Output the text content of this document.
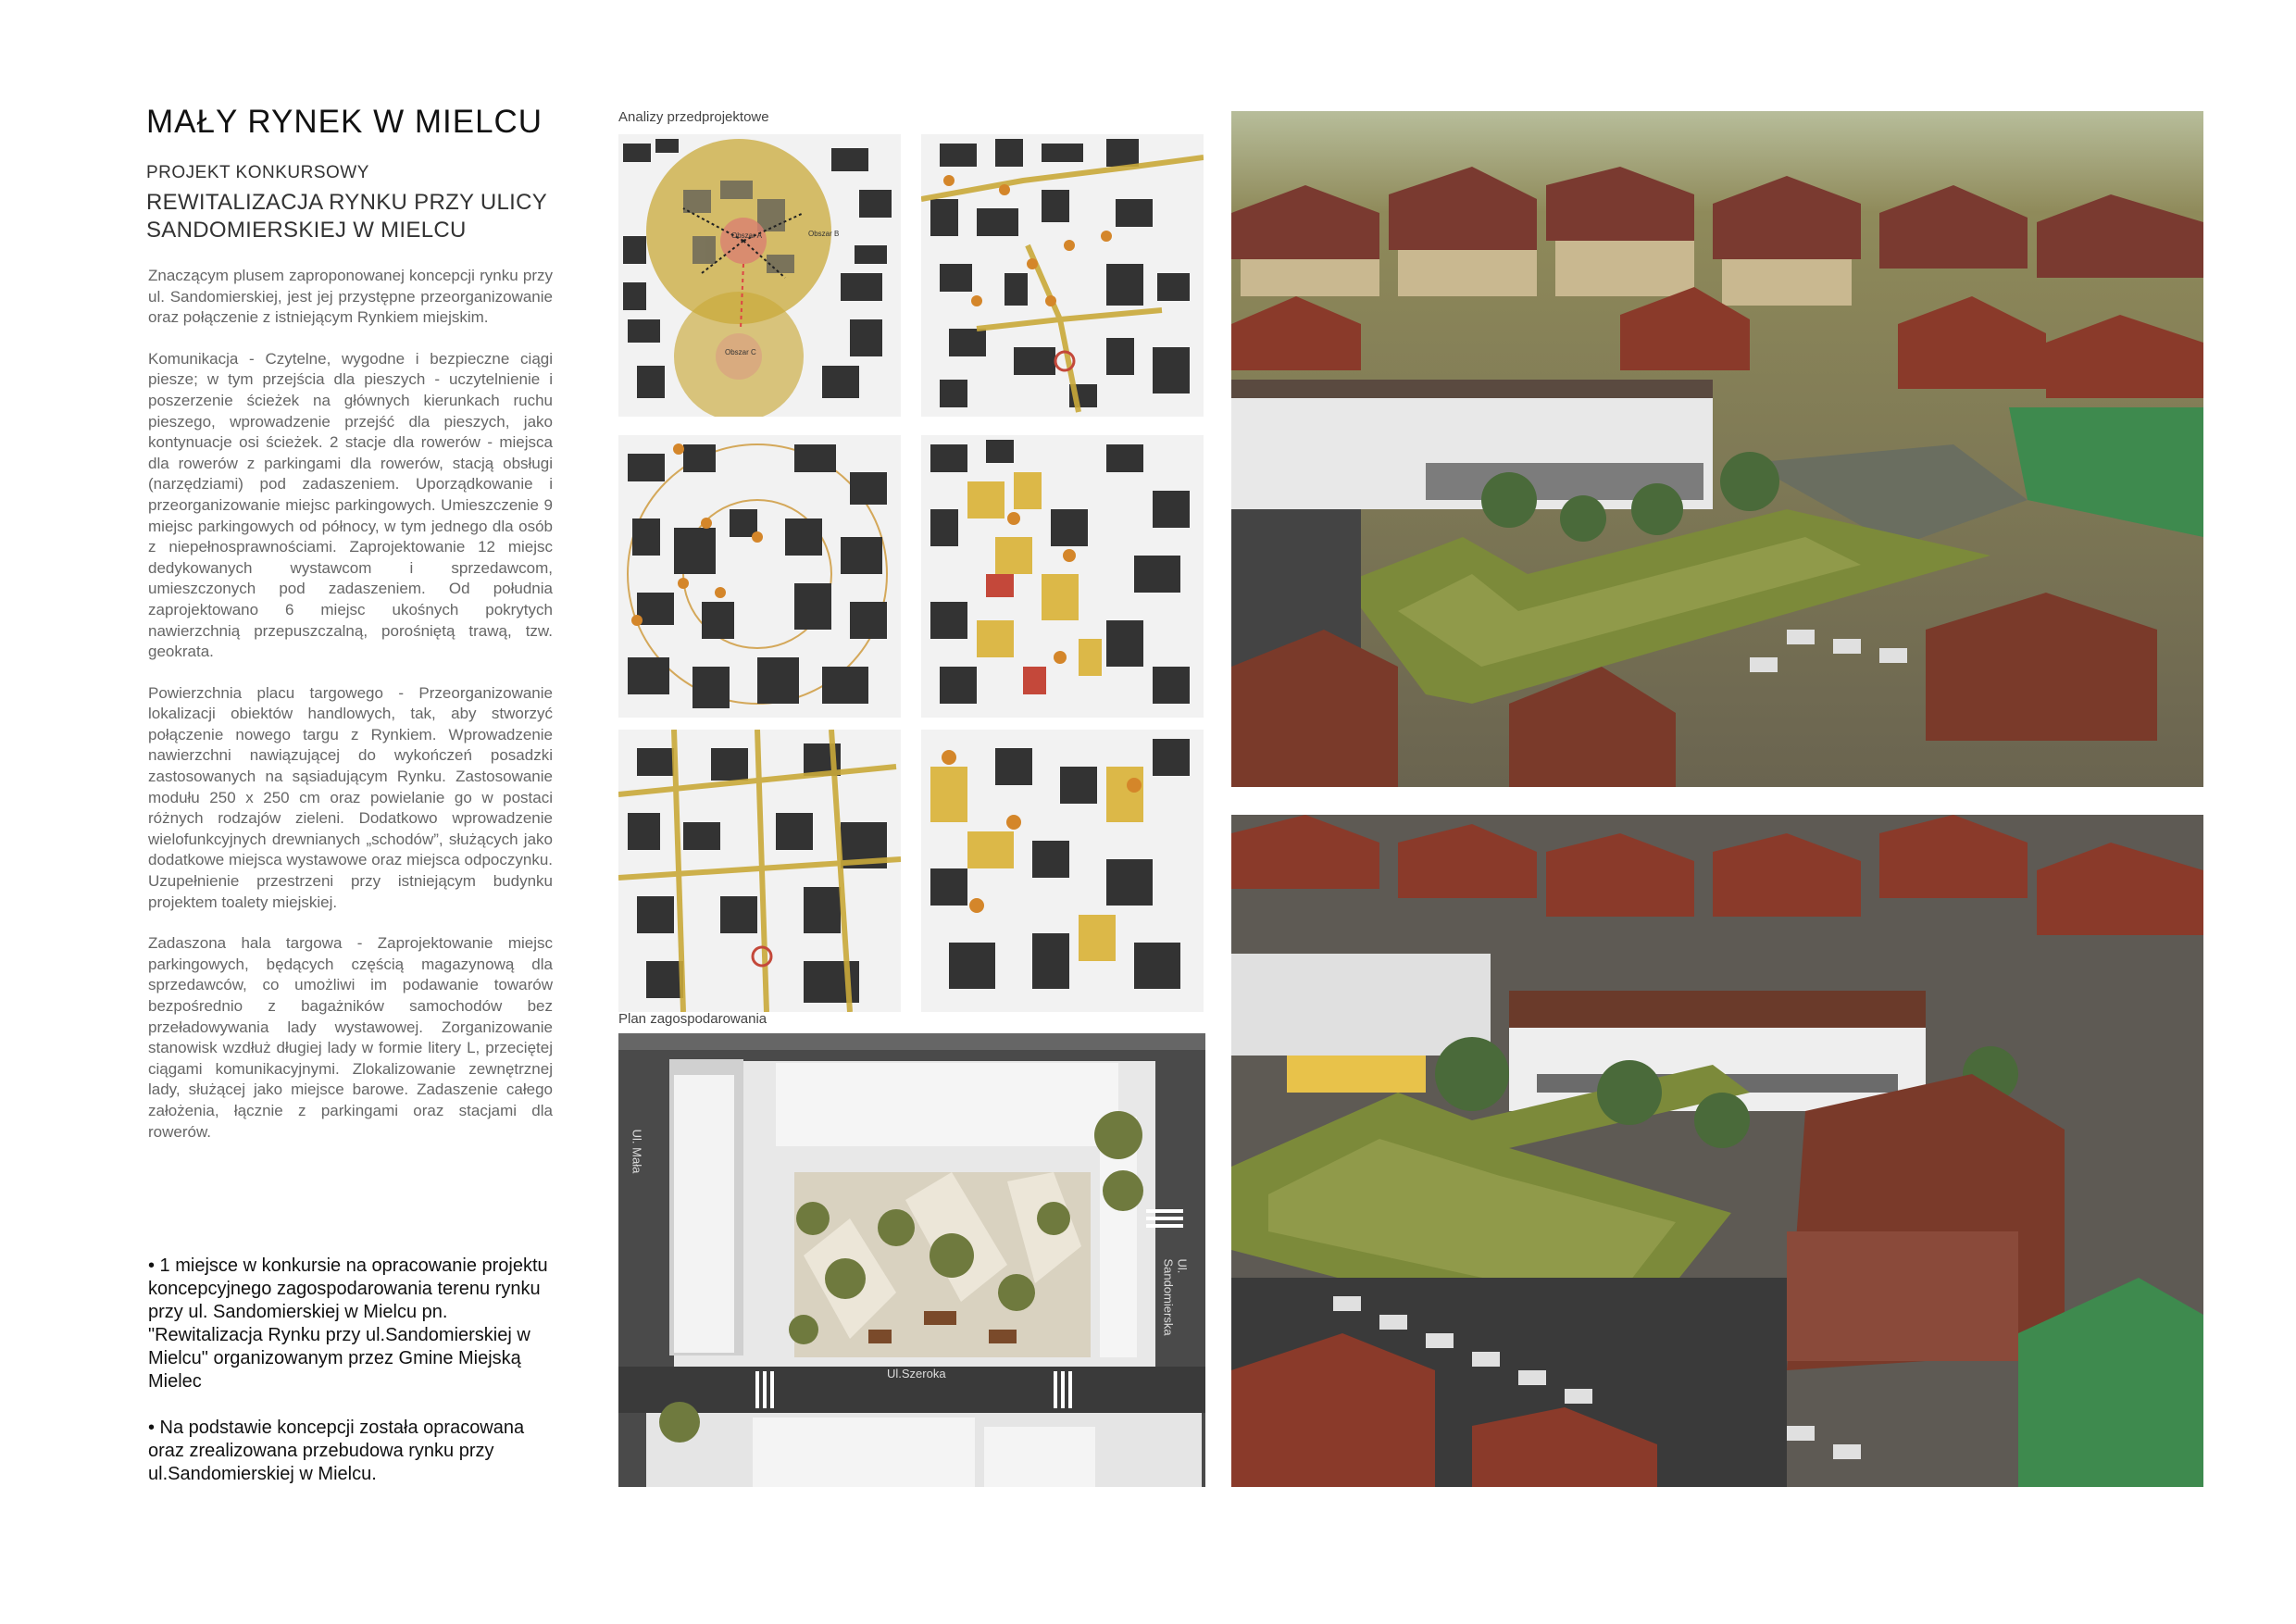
MAŁY RYNEK W MIELCU
PROJEKT KONKURSOWY
REWITALIZACJA RYNKU PRZY ULICY SANDOMIERSKIEJ W MIELCU

Znaczącym plusem zaproponowanej koncepcji rynku przy ul. Sandomierskiej, jest jej przystępne przeorganizowanie oraz połączenie z istniejącym Rynkiem miejskim.

Komunikacja - Czytelne, wygodne i bezpieczne ciągi piesze; w tym przejścia dla pieszych - uczytelnienie i poszerzenie ścieżek na głównych kierunkach ruchu pieszego, wprowadzenie przejść dla pieszych, jako kontynuacje osi ścieżek. 2 stacje dla rowerów - miejsca dla rowerów z parkingami dla rowerów, stacją obsługi (narzędziami) pod zadaszeniem. Uporządkowanie i przeorganizowanie miejsc parkingowych. Umieszczenie 9 miejsc parkingowych od północy, w tym jednego dla osób z niepełnosprawnościami. Zaprojektowanie 12 miejsc dedykowanych wystawcom i sprzedawcom, umieszczonych pod zadaszeniem. Od południa zaprojektowano 6 miejsc ukośnych pokrytych nawierzchnią przepuszczalną, porośniętą trawą, tzw. geokrata.

Powierzchnia placu targowego - Przeorganizowanie lokalizacji obiektów handlowych, tak, aby stworzyć połączenie nowego targu z Rynkiem. Wprowadzenie nawierzchni nawiązującej do wykończeń posadzki zastosowanych na sąsiadującym Rynku. Zastosowanie modułu 250 x 250 cm oraz powielanie go w postaci różnych rodzajów zieleni. Dodatkowo wprowadzenie wielofunkcyjnych drewnianych „schodów”, służących jako dodatkowe miejsca wystawowe oraz miejsca odpoczynku. Uzupełnienie przestrzeni przy istniejącym budynku projektem toalety miejskiej.

Zadaszona hala targowa - Zaprojektowanie miejsc parkingowych, będących częścią magazynową dla sprzedawców, co umożliwi im podawanie towarów bezpośrednio z bagażników samochodów bez przeładowywania lady wystawowej. Zorganizowanie stanowisk wzdłuż długiej lady w formie litery L, przeciętej ciągami komunikacyjnymi. Zlokalizowanie zewnętrznej lady, służącej jako miejsce barowe. Zadaszenie całego założenia, łącznie z parkingami oraz stacjami dla rowerów.

• 1 miejsce w konkursie na opracowanie projektu koncepcyjnego zagospodarowania terenu rynku przy ul. Sandomierskiej w Mielcu pn. "Rewitalizacja Rynku przy ul.Sandomierskiej w Mielcu" organizowanym przez Gmine Miejską Mielec

• Na podstawie koncepcji została opracowana oraz zrealizowana przebudowa rynku przy ul.Sandomierskiej w Mielcu.

Analizy przedprojektowe
Obszar A	Obszar B
Obszar C
Plan zagospodarowania
Ul. Mała
Ul.Szeroka
Ul. Sandomierska
